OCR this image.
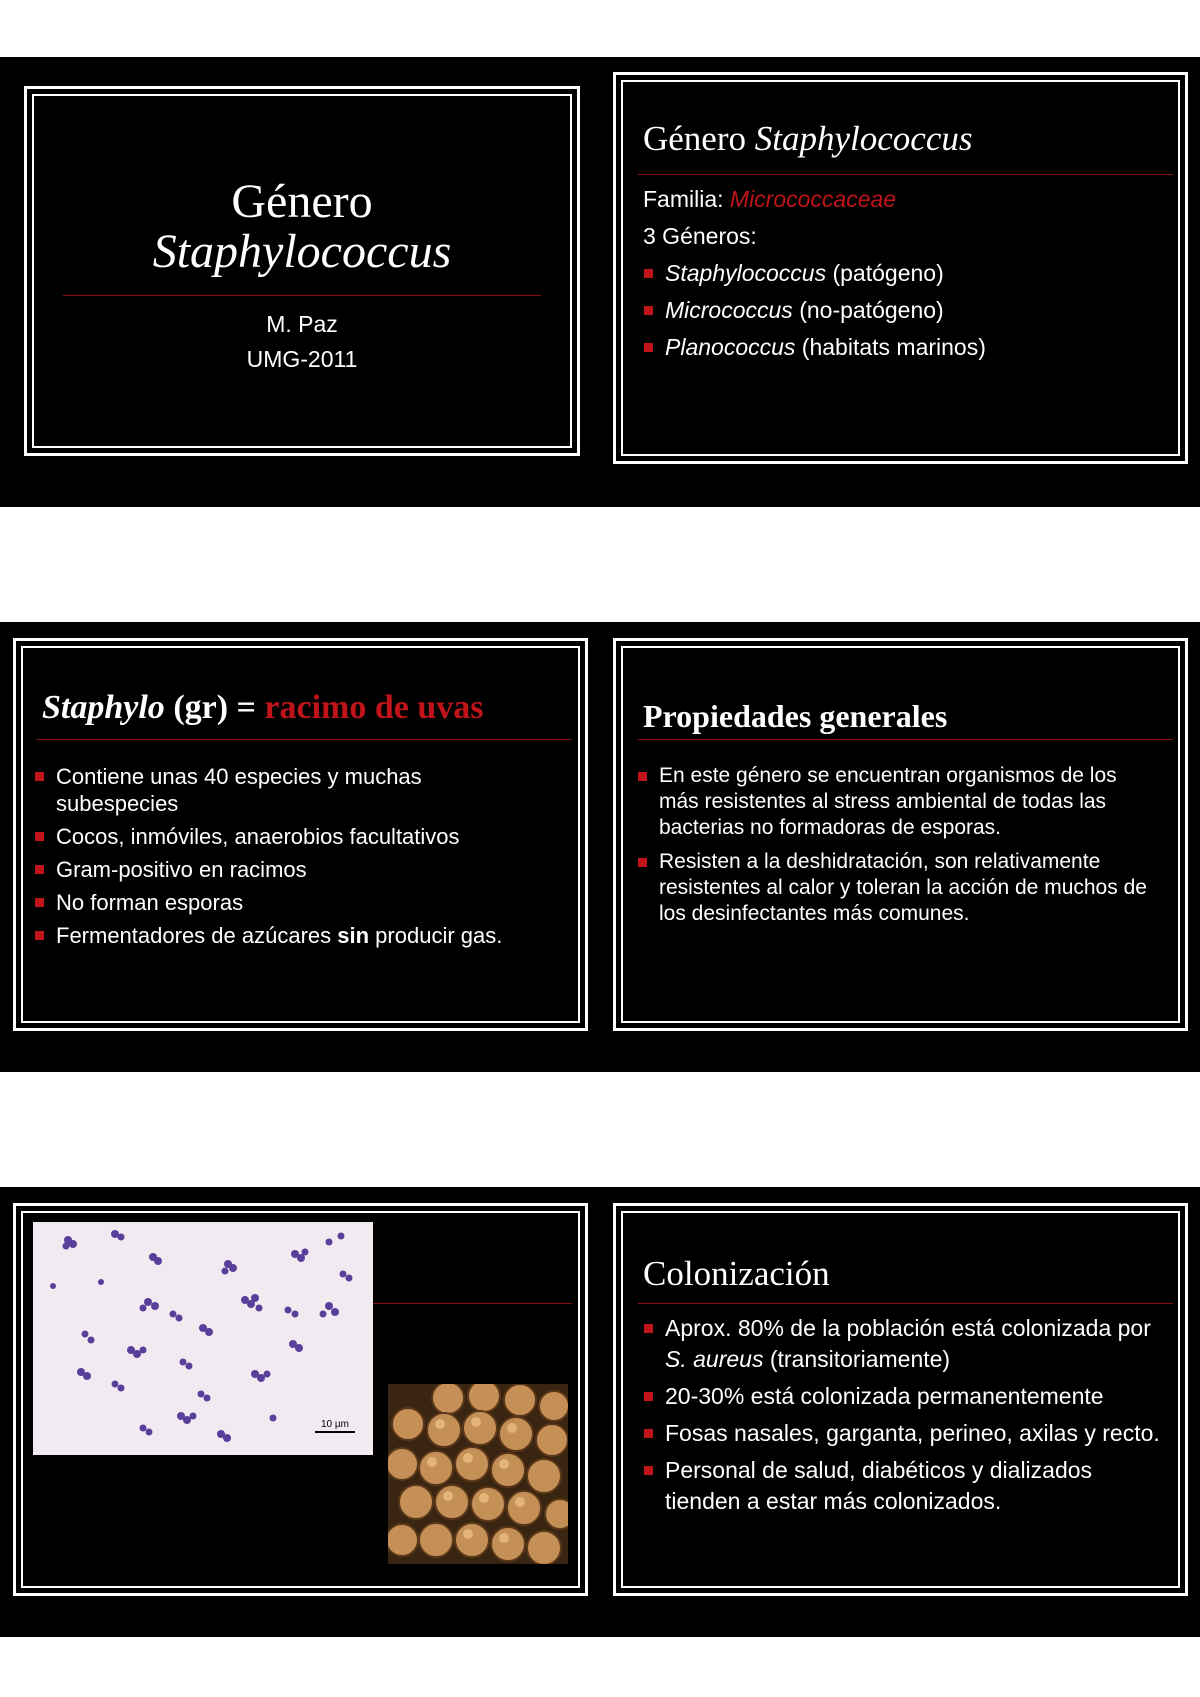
Género
Staphylococcus
M. Paz
UMG-2011
Género Staphylococcus
Familia: Micrococcaceae
3 Géneros:
Staphylococcus (patógeno)
Micrococcus (no-patógeno)
Planococcus (habitats marinos)
Staphylo (gr) = racimo de uvas
Contiene unas 40 especies y muchas subespecies
Cocos, inmóviles, anaerobios facultativos
Gram-positivo en racimos
No forman esporas
Fermentadores de azúcares sin producir gas.
Propiedades generales
En este género se encuentran organismos de los más resistentes al stress ambiental de todas las bacterias no formadoras de esporas.
Resisten a la deshidratación, son relativamente resistentes al calor y toleran la acción de muchos de los desinfectantes más comunes.
10 µm
Colonización
Aprox. 80% de la población está colonizada por S. aureus (transitoriamente)
20-30% está colonizada permanentemente
Fosas nasales, garganta, perineo, axilas y recto.
Personal de salud, diabéticos y dializados tienden a estar más colonizados.
